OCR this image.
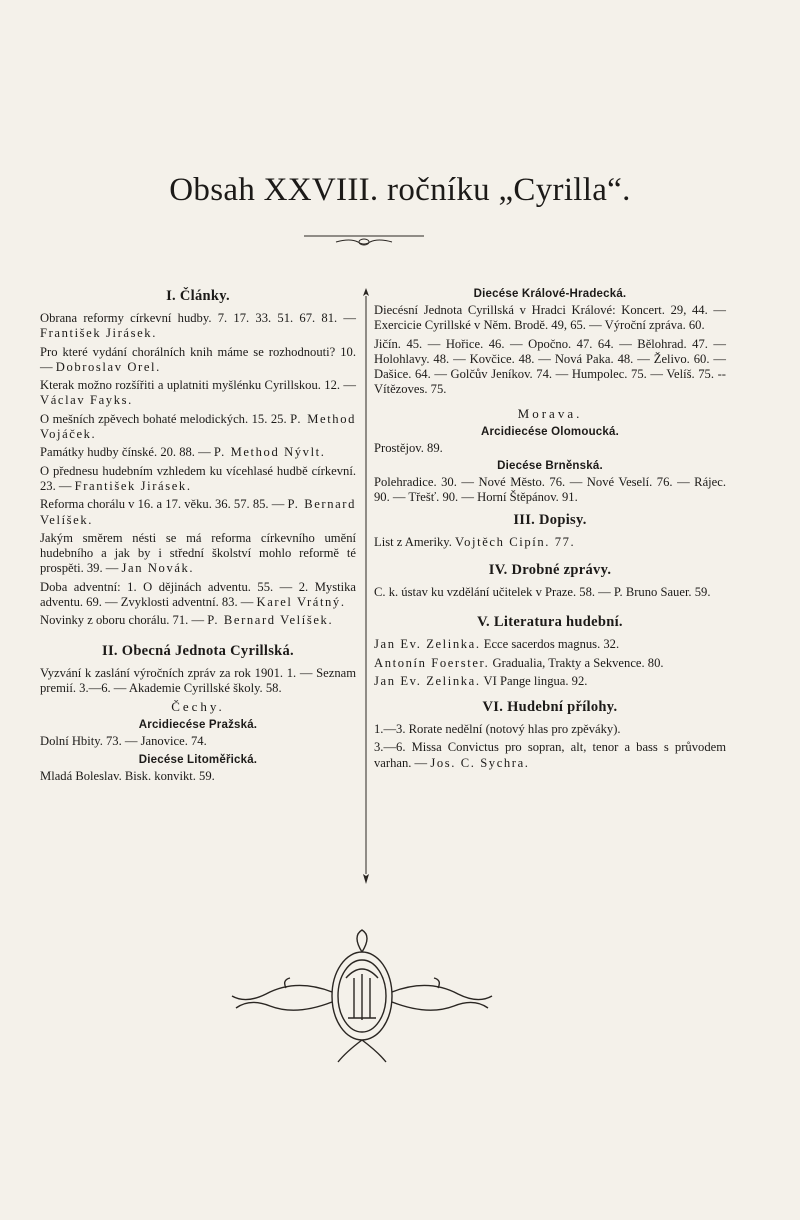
Obsah XXVIII. ročníku „Cyrilla“.
I. Články.
Obrana reformy církevní hudby. 7. 17. 33. 51. 67. 81. — František Jirásek.
Pro které vydání chorálních knih máme se rozhodnouti? 10. — Dobroslav Orel.
Kterak možno rozšířiti a uplatniti myšlénku Cyrillskou. 12. — Václav Fayks.
O mešních zpěvech bohaté melodických. 15. 25. P. Method Vojáček.
Památky hudby čínské. 20. 88. — P. Method Nývlt.
O přednesu hudebním vzhledem ku vícehlasé hudbě církevní. 23. — František Jirásek.
Reforma chorálu v 16. a 17. věku. 36. 57. 85. — P. Bernard Velíšek.
Jakým směrem nésti se má reforma církevního umění hudebního a jak by i střední školství mohlo reformě té prospěti. 39. — Jan Novák.
Doba adventní: 1. O dějinách adventu. 55. — 2. Mystika adventu. 69. — Zvyklosti adventní. 83. — Karel Vrátný.
Novinky z oboru chorálu. 71. — P. Bernard Velíšek.
II. Obecná Jednota Cyrillská.
Vyzvání k zaslání výročních zpráv za rok 1901. 1. — Seznam premií. 3.—6. — Akademie Cyrillské školy. 58.
Čechy.
Arcidiecése Pražská.
Dolní Hbity. 73. — Janovice. 74.
Diecése Litoměřická.
Mladá Boleslav. Bisk. konvikt. 59.
Diecése Králové-Hradecká.
Diecésní Jednota Cyrillská v Hradci Králové: Koncert. 29, 44. — Exercicie Cyrillské v Něm. Brodě. 49, 65. — Výroční zpráva. 60.
Jičín. 45. — Hořice. 46. — Opočno. 47. 64. — Bělohrad. 47. — Holohlavy. 48. — Kovčice. 48. — Nová Paka. 48. — Želivo. 60. — Dašice. 64. — Golčův Jeníkov. 74. — Humpolec. 75. — Velíš. 75. -- Vítězoves. 75.
Morava.
Arcidiecése Olomoucká.
Prostějov. 89.
Diecése Brněnská.
Polehradice. 30. — Nové Město. 76. — Nové Veselí. 76. — Rájec. 90. — Třešť. 90. — Horní Štěpánov. 91.
III. Dopisy.
List z Ameriky. Vojtěch Cipín. 77.
IV. Drobné zprávy.
C. k. ústav ku vzdělání učitelek v Praze. 58. — P. Bruno Sauer. 59.
V. Literatura hudební.
Jan Ev. Zelinka. Ecce sacerdos magnus. 32.
Antonín Foerster. Gradualia, Trakty a Sekvence. 80.
Jan Ev. Zelinka. VI Pange lingua. 92.
VI. Hudební přílohy.
1.—3. Rorate nedělní (notový hlas pro zpěváky).
3.—6. Missa Convictus pro sopran, alt, tenor a bass s průvodem varhan. — Jos. C. Sychra.
